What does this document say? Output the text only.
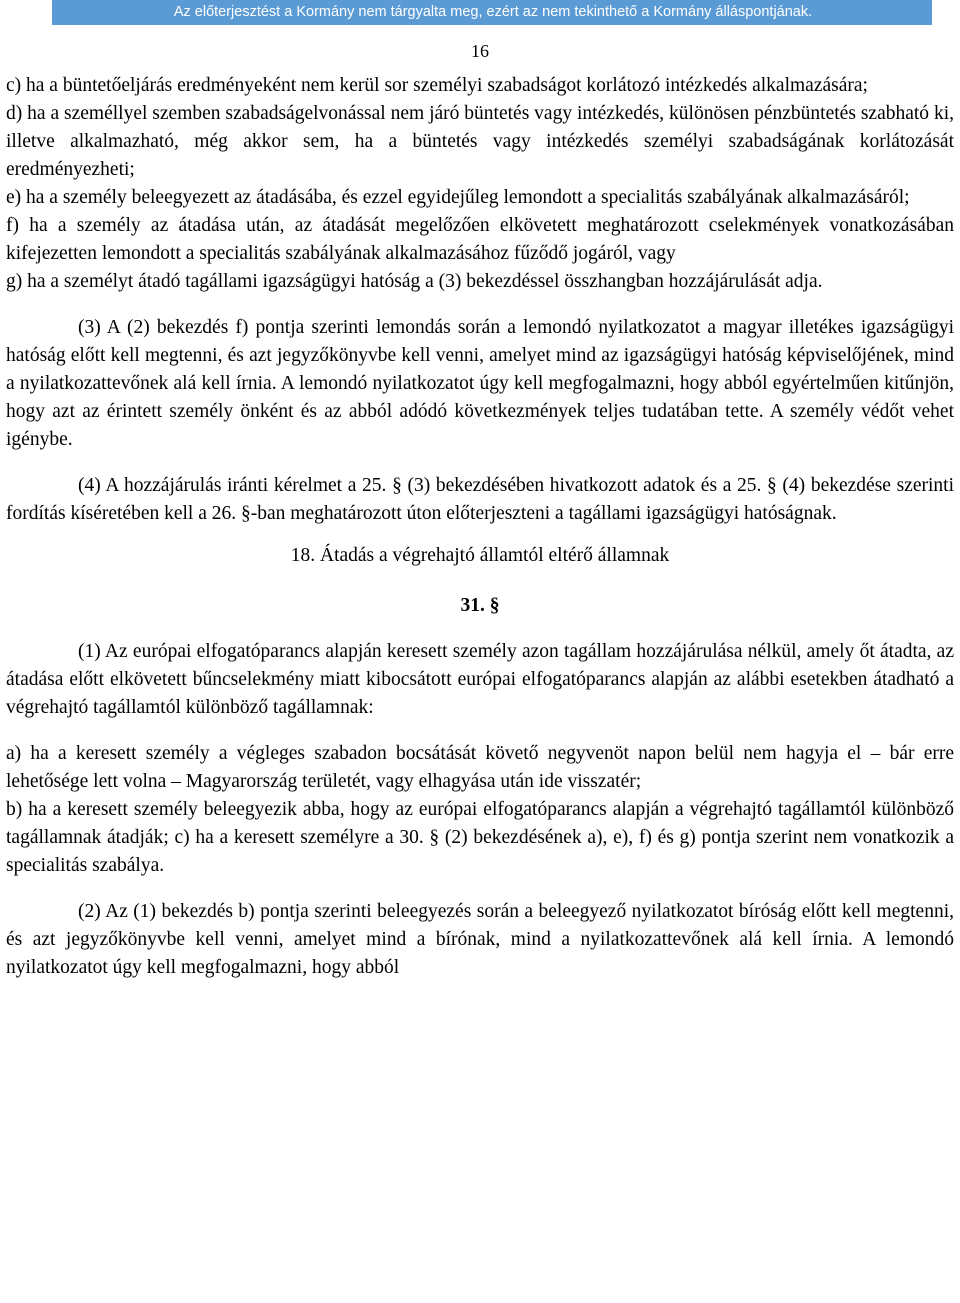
Az előterjesztést a Kormány nem tárgyalta meg, ezért az nem tekinthető a Kormány álláspontjának.
16

c) ha a büntetőeljárás eredményeként nem kerül sor személyi szabadságot korlátozó intézkedés alkalmazására;

d) ha a személlyel szemben szabadságelvonással nem járó büntetés vagy intézkedés, különösen pénzbüntetés szabható ki, illetve alkalmazható, még akkor sem, ha a büntetés vagy intézkedés személyi szabadságának korlátozását eredményezheti;

e) ha a személy beleegyezett az átadásába, és ezzel egyidejűleg lemondott a specialitás szabályának alkalmazásáról;

f) ha a személy az átadása után, az átadását megelőzően elkövetett meghatározott cselekmények vonatkozásában kifejezetten lemondott a specialitás szabályának alkalmazásához fűződő jogáról, vagy

g) ha a személyt átadó tagállami igazságügyi hatóság a (3) bekezdéssel összhangban hozzájárulását adja.

(3) A (2) bekezdés f) pontja szerinti lemondás során a lemondó nyilatkozatot a magyar illetékes igazságügyi hatóság előtt kell megtenni, és azt jegyzőkönyvbe kell venni, amelyet mind az igazságügyi hatóság képviselőjének, mind a nyilatkozattevőnek alá kell írnia. A lemondó nyilatkozatot úgy kell megfogalmazni, hogy abból egyértelműen kitűnjön, hogy azt az érintett személy önként és az abból adódó következmények teljes tudatában tette. A személy védőt vehet igénybe.

(4) A hozzájárulás iránti kérelmet a 25. § (3) bekezdésében hivatkozott adatok és a 25. § (4) bekezdése szerinti fordítás kíséretében kell a 26. §-ban meghatározott úton előterjeszteni a tagállami igazságügyi hatóságnak.

18. Átadás a végrehajtó államtól eltérő államnak

31. §

(1) Az európai elfogatóparancs alapján keresett személy azon tagállam hozzájárulása nélkül, amely őt átadta, az átadása előtt elkövetett bűncselekmény miatt kibocsátott európai elfogatóparancs alapján az alábbi esetekben átadható a végrehajtó tagállamtól különböző tagállamnak:

a) ha a keresett személy a végleges szabadon bocsátását követő negyvenöt napon belül nem hagyja el – bár erre lehetősége lett volna – Magyarország területét, vagy elhagyása után ide visszatér;

b) ha a keresett személy beleegyezik abba, hogy az európai elfogatóparancs alapján a végrehajtó tagállamtól különböző tagállamnak átadják; c) ha a keresett személyre a 30. § (2) bekezdésének a), e), f) és g) pontja szerint nem vonatkozik a specialitás szabálya.

(2) Az (1) bekezdés b) pontja szerinti beleegyezés során a beleegyező nyilatkozatot bíróság előtt kell megtenni, és azt jegyzőkönyvbe kell venni, amelyet mind a bírónak, mind a nyilatkozattevőnek alá kell írnia. A lemondó nyilatkozatot úgy kell megfogalmazni, hogy abból
